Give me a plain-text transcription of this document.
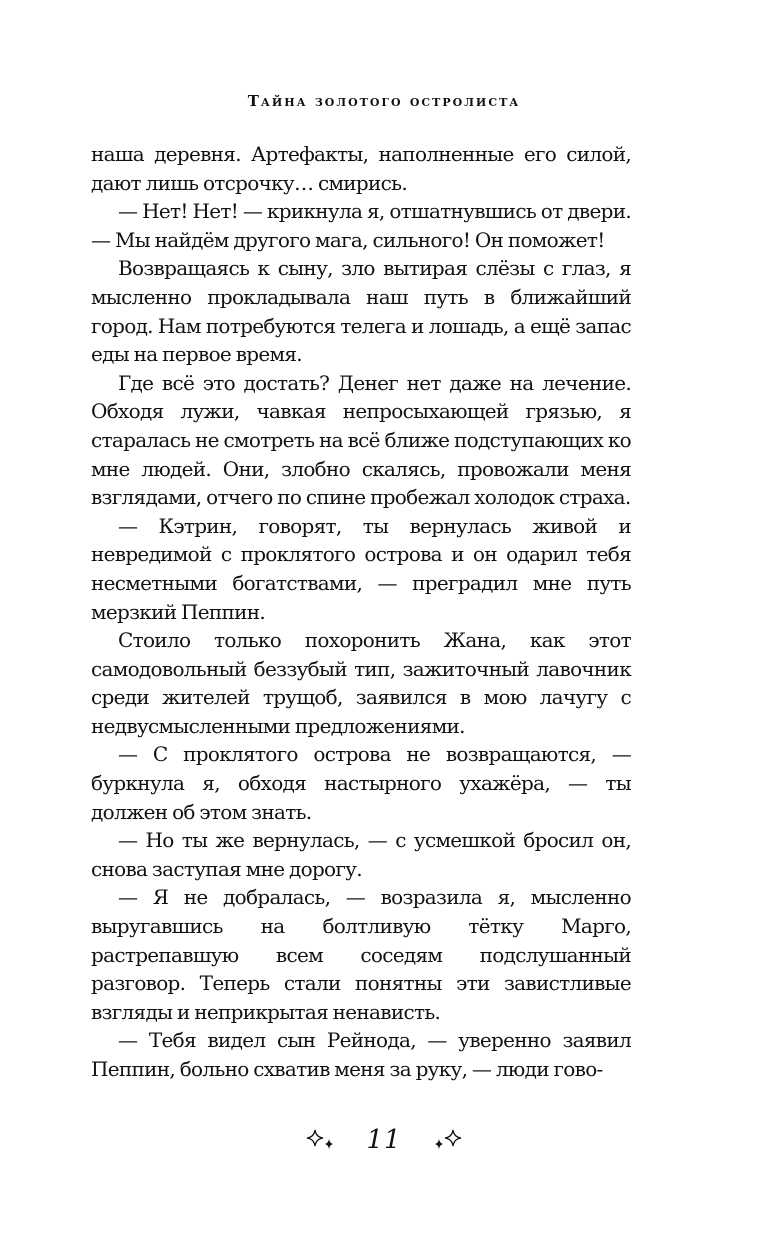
Тайна золотого остролиста

наша деревня. Артефакты, наполненные его силой, дают лишь отсрочку… смирись.

— Нет! Нет! — крикнула я, отшатнувшись от двери. — Мы найдём другого мага, сильного! Он поможет!

Возвращаясь к сыну, зло вытирая слёзы с глаз, я мысленно прокладывала наш путь в ближайший город. Нам потребуются телега и лошадь, а ещё запас еды на первое время.

Где всё это достать? Денег нет даже на лечение. Обходя лужи, чавкая непросыхающей грязью, я старалась не смотреть на всё ближе подступающих ко мне людей. Они, злобно скалясь, провожали меня взглядами, отчего по спине пробежал холодок страха.

— Кэтрин, говорят, ты вернулась живой и невредимой с проклятого острова и он одарил тебя несметными богатствами, — преградил мне путь мерзкий Пеппин.

Стоило только похоронить Жана, как этот самодовольный беззубый тип, зажиточный лавочник среди жителей трущоб, заявился в мою лачугу с недвусмысленными предложениями.

— С проклятого острова не возвращаются, — буркнула я, обходя настырного ухажёра, — ты должен об этом знать.

— Но ты же вернулась, — с усмешкой бросил он, снова заступая мне дорогу.

— Я не добралась, — возразила я, мысленно выругавшись на болтливую тётку Марго, растрепавшую всем соседям подслушанный разговор. Теперь стали понятны эти завистливые взгляды и неприкрытая ненависть.

— Тебя видел сын Рейнода, — уверенно заявил Пеппин, больно схватив меня за руку, — люди гово-

11
